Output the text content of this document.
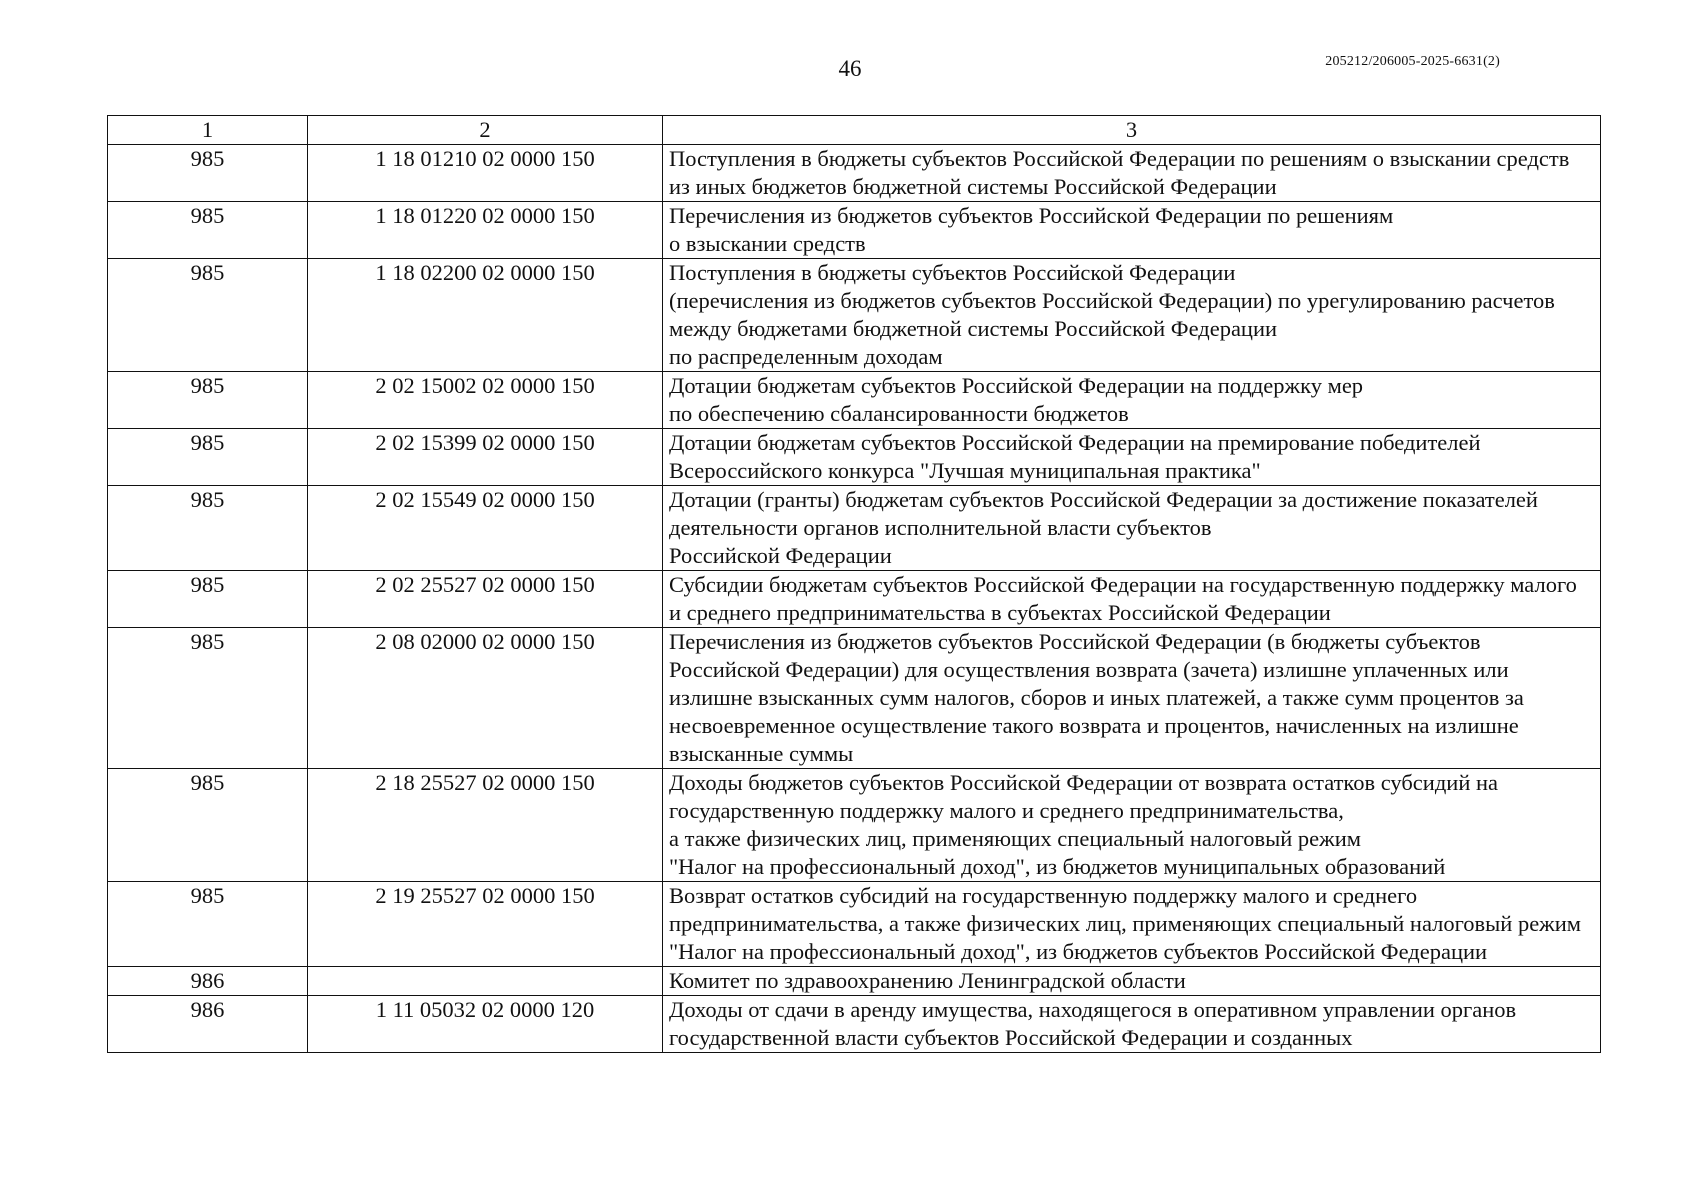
46	205212/206005-2025-6631(2)
1	2	3
985	1 18 01210 02 0000 150	Поступления в бюджеты субъектов Российской Федерации по решениям о взыскании средств из иных бюджетов бюджетной системы Российской Федерации
985	1 18 01220 02 0000 150	Перечисления из бюджетов субъектов Российской Федерации по решениям
о взыскании средств
985	1 18 02200 02 0000 150	Поступления в бюджеты субъектов Российской Федерации
(перечисления из бюджетов субъектов Российской Федерации) по урегулированию расчетов между бюджетами бюджетной системы Российской Федерации
по распределенным доходам
985	2 02 15002 02 0000 150	Дотации бюджетам субъектов Российской Федерации на поддержку мер
по обеспечению сбалансированности бюджетов
985	2 02 15399 02 0000 150	Дотации бюджетам субъектов Российской Федерации на премирование победителей Всероссийского конкурса "Лучшая муниципальная практика"
985	2 02 15549 02 0000 150	Дотации (гранты) бюджетам субъектов Российской Федерации за достижение показателей деятельности органов исполнительной власти субъектов
Российской Федерации
985	2 02 25527 02 0000 150	Субсидии бюджетам субъектов Российской Федерации на государственную поддержку малого и среднего предпринимательства в субъектах Российской Федерации
985	2 08 02000 02 0000 150	Перечисления из бюджетов субъектов Российской Федерации (в бюджеты субъектов Российской Федерации) для осуществления возврата (зачета) излишне уплаченных или излишне взысканных сумм налогов, сборов и иных платежей, а также сумм процентов за несвоевременное осуществление такого возврата и процентов, начисленных на излишне взысканные суммы
985	2 18 25527 02 0000 150	Доходы бюджетов субъектов Российской Федерации от возврата остатков субсидий на государственную поддержку малого и среднего предпринимательства,
а также физических лиц, применяющих специальный налоговый режим
"Налог на профессиональный доход", из бюджетов муниципальных образований
985	2 19 25527 02 0000 150	Возврат остатков субсидий на государственную поддержку малого и среднего предпринимательства, а также физических лиц, применяющих специальный налоговый режим "Налог на профессиональный доход", из бюджетов субъектов Российской Федерации
986		Комитет по здравоохранению Ленинградской области
986	1 11 05032 02 0000 120	Доходы от сдачи в аренду имущества, находящегося в оперативном управлении органов государственной власти субъектов Российской Федерации и созданных
